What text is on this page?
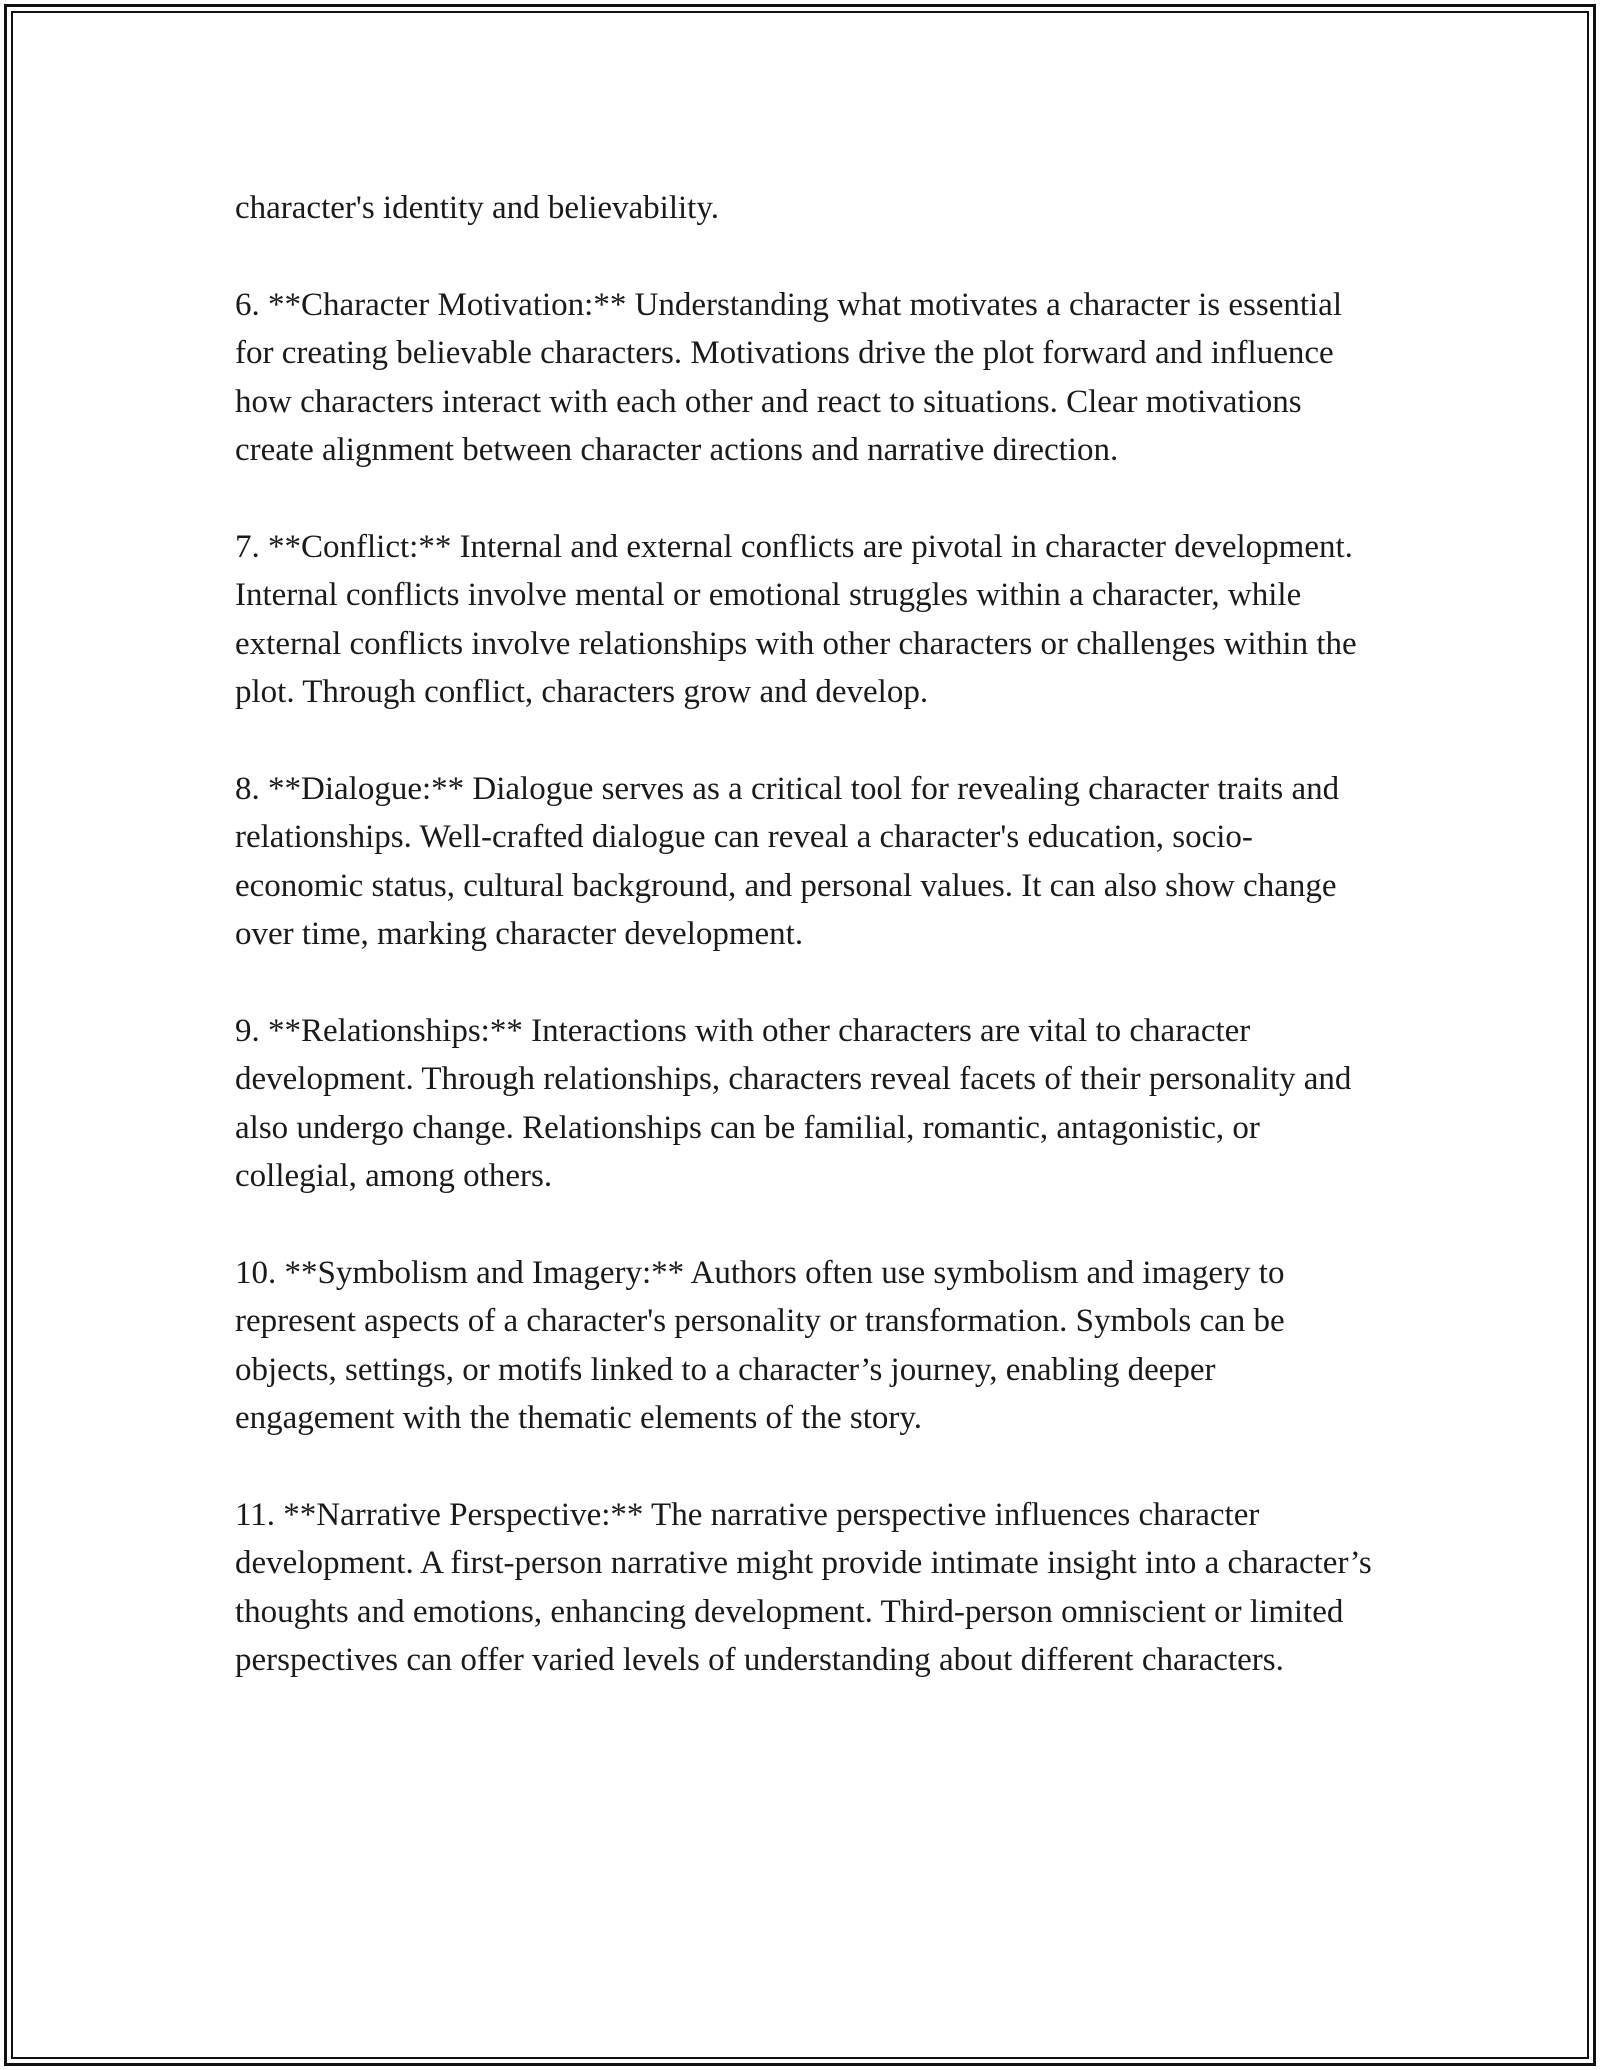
character's identity and believability.

6. **Character Motivation:** Understanding what motivates a character is essential for creating believable characters. Motivations drive the plot forward and influence how characters interact with each other and react to situations. Clear motivations create alignment between character actions and narrative direction.

7. **Conflict:** Internal and external conflicts are pivotal in character development. Internal conflicts involve mental or emotional struggles within a character, while external conflicts involve relationships with other characters or challenges within the plot. Through conflict, characters grow and develop.

8. **Dialogue:** Dialogue serves as a critical tool for revealing character traits and relationships. Well-crafted dialogue can reveal a character's education, socio-economic status, cultural background, and personal values. It can also show change over time, marking character development.

9. **Relationships:** Interactions with other characters are vital to character development. Through relationships, characters reveal facets of their personality and also undergo change. Relationships can be familial, romantic, antagonistic, or collegial, among others.

10. **Symbolism and Imagery:** Authors often use symbolism and imagery to represent aspects of a character's personality or transformation. Symbols can be objects, settings, or motifs linked to a character’s journey, enabling deeper engagement with the thematic elements of the story.

11. **Narrative Perspective:** The narrative perspective influences character development. A first-person narrative might provide intimate insight into a character’s thoughts and emotions, enhancing development. Third-person omniscient or limited perspectives can offer varied levels of understanding about different characters.
